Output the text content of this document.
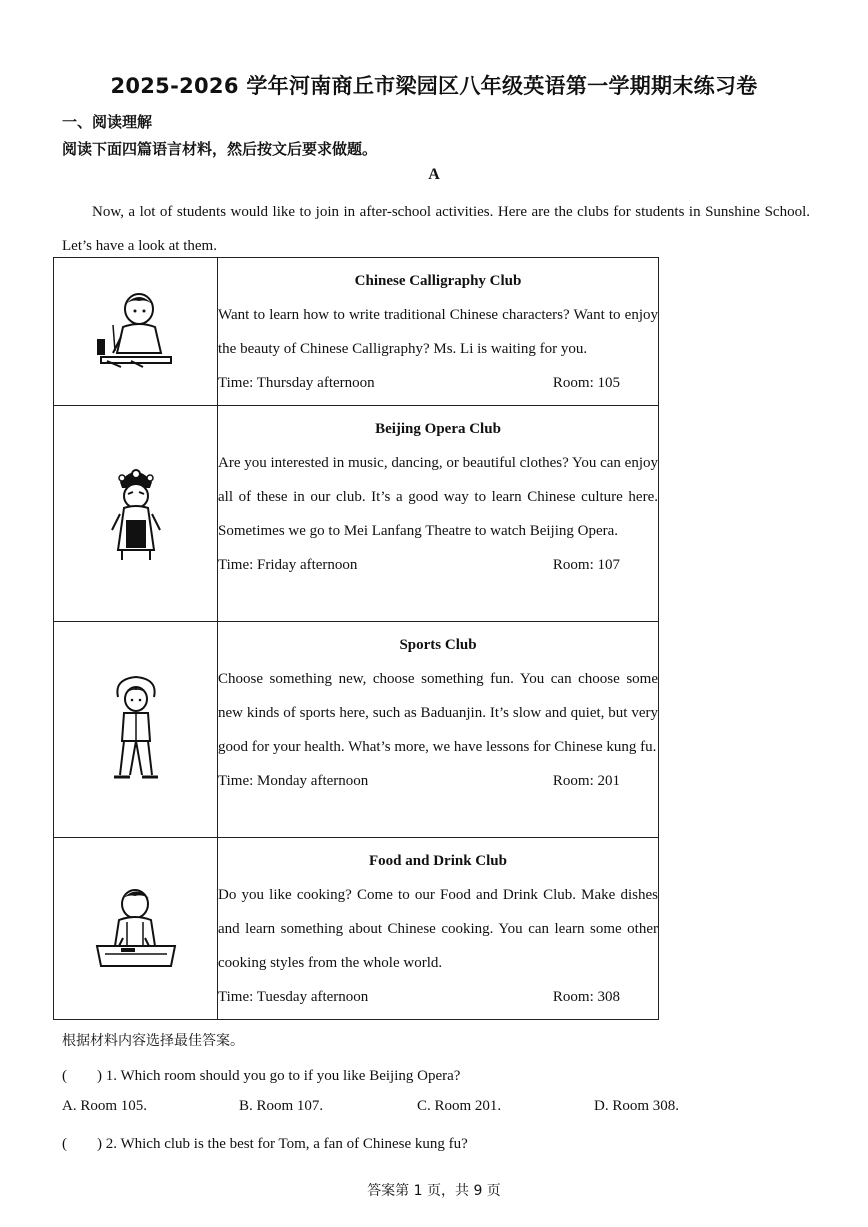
2025-2026 学年河南商丘市梁园区八年级英语第一学期期末练习卷
一、阅读理解
阅读下面四篇语言材料，然后按文后要求做题。
A
Now, a lot of students would like to join in after-school activities. Here are the clubs for students in Sunshine School. Let’s have a look at them.

Chinese Calligraphy Club
Want to learn how to write traditional Chinese characters? Want to enjoy the beauty of Chinese Calligraphy? Ms. Li is waiting for you.
Time: Thursday afternoon Room: 105

Beijing Opera Club
Are you interested in music, dancing, or beautiful clothes? You can enjoy all of these in our club. It’s a good way to learn Chinese culture here. Sometimes we go to Mei Lanfang Theatre to watch Beijing Opera.
Time: Friday afternoon Room: 107

Sports Club
Choose something new, choose something fun. You can choose some new kinds of sports here, such as Baduanjin. It’s slow and quiet, but very good for your health. What’s more, we have lessons for Chinese kung fu.
Time: Monday afternoon Room: 201

Food and Drink Club
Do you like cooking? Come to our Food and Drink Club. Make dishes and learn something about Chinese cooking. You can learn some other cooking styles from the whole world.
Time: Tuesday afternoon Room: 308
根据材料内容选择最佳答案。
(　　) 1. Which room should you go to if you like Beijing Opera?
A. Room 105.	B. Room 107.	C. Room 201.	D. Room 308.
(　　) 2. Which club is the best for Tom, a fan of Chinese kung fu?
答案第 1 页，共 9 页
